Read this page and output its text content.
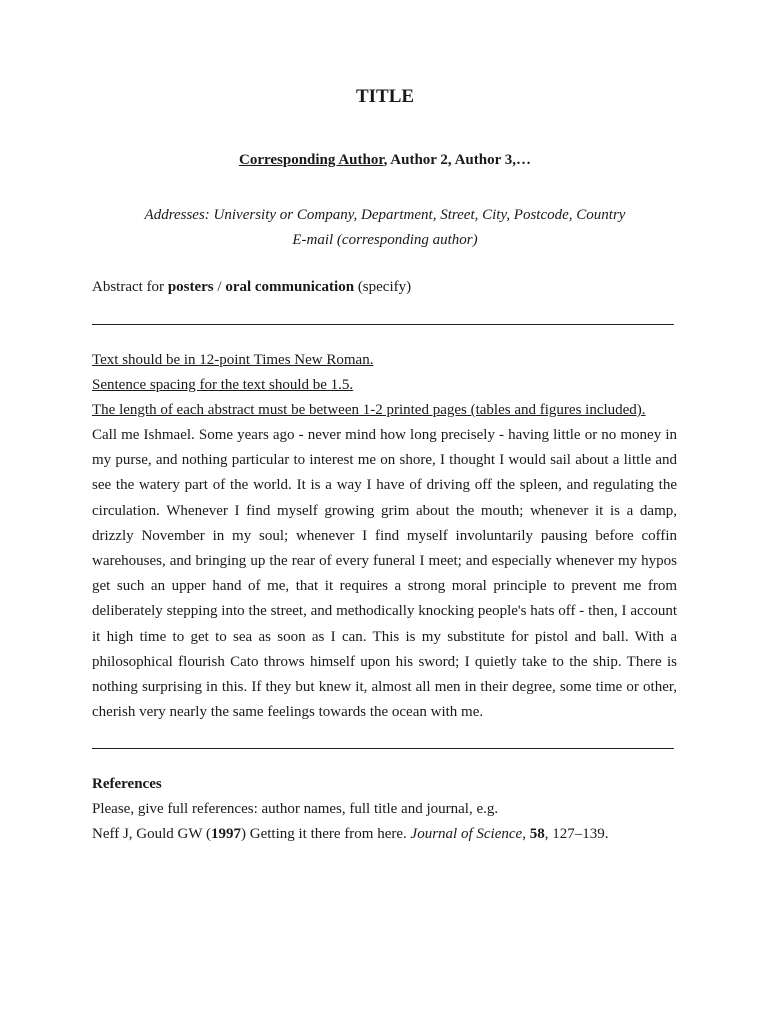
TITLE

Corresponding Author, Author 2, Author 3,…

Addresses: University or Company, Department, Street, City, Postcode, Country
E-mail (corresponding author)

Abstract for posters / oral communication (specify)

Text should be in 12-point Times New Roman.
Sentence spacing for the text should be 1.5.
The length of each abstract must be between 1-2 printed pages (tables and figures included).

Call me Ishmael. Some years ago - never mind how long precisely - having little or no money in my purse, and nothing particular to interest me on shore, I thought I would sail about a little and see the watery part of the world. It is a way I have of driving off the spleen, and regulating the circulation. Whenever I find myself growing grim about the mouth; whenever it is a damp, drizzly November in my soul; whenever I find myself involuntarily pausing before coffin warehouses, and bringing up the rear of every funeral I meet; and especially whenever my hypos get such an upper hand of me, that it requires a strong moral principle to prevent me from deliberately stepping into the street, and methodically knocking people's hats off - then, I account it high time to get to sea as soon as I can. This is my substitute for pistol and ball. With a philosophical flourish Cato throws himself upon his sword; I quietly take to the ship. There is nothing surprising in this. If they but knew it, almost all men in their degree, some time or other, cherish very nearly the same feelings towards the ocean with me.

References
Please, give full references: author names, full title and journal, e.g.
Neff J, Gould GW (1997) Getting it there from here. Journal of Science, 58, 127–139.
